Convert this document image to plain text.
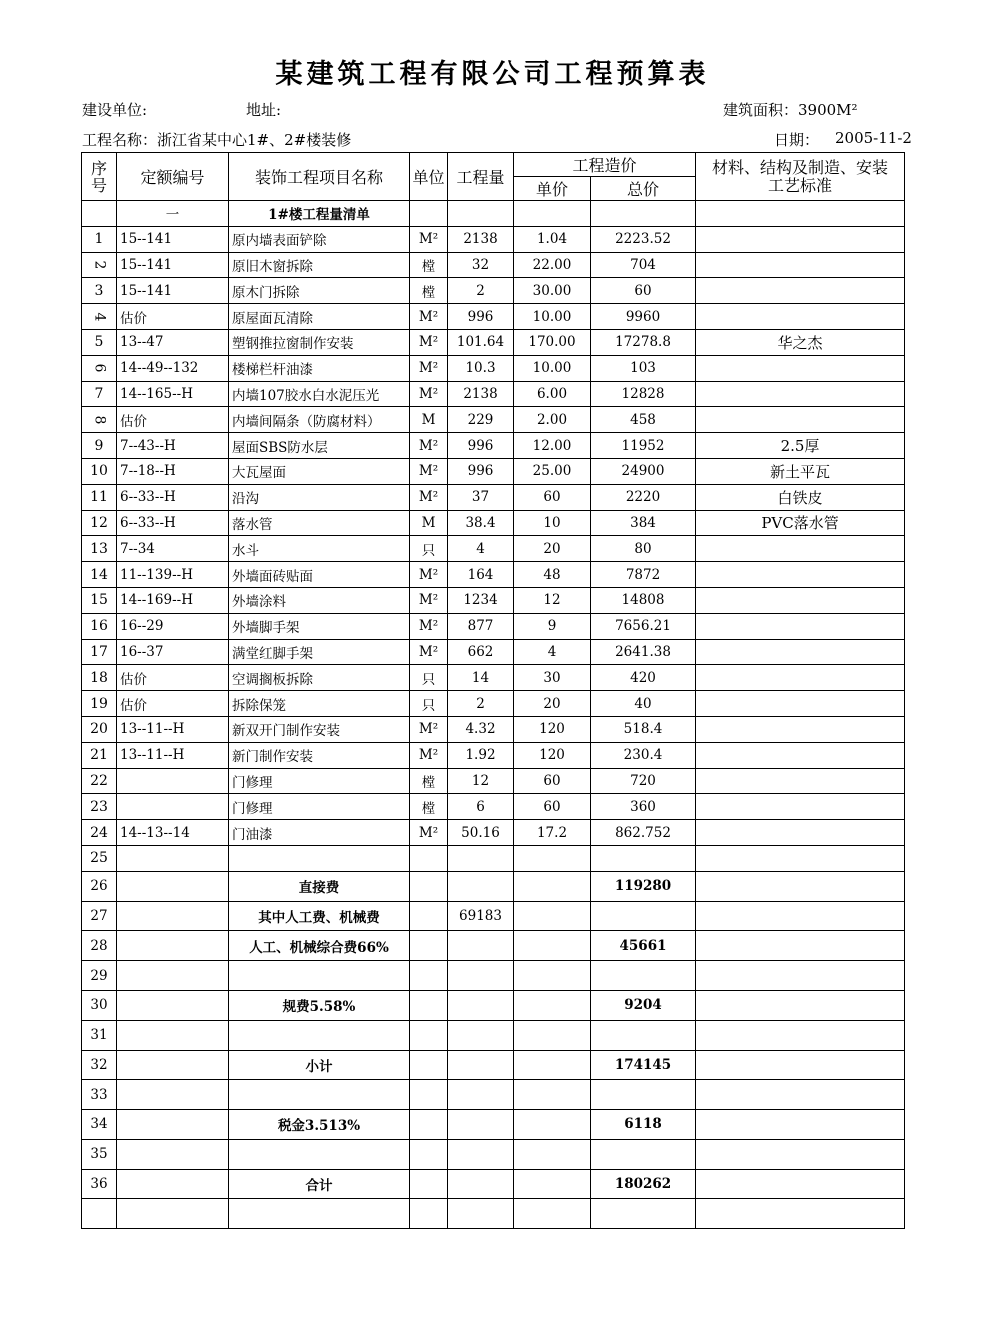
某建筑工程有限公司工程预算表
建设单位:	地址:	建筑面积：3900M²
工程名称：浙江省某中心1#、2#楼装修	日期： 2005-11-2
序号	定额编号	装饰工程项目名称	单位	工程量	工程造价		材料、结构及制造、安装
工艺标准

					单价	总价	
	一	1#楼工程量清单					
1	15--141	原内墙表面铲除	M²	2138	1.04	2223.52	
2	15--141	原旧木窗拆除	樘	32	22.00	704	
3	15--141	原木门拆除	樘	2	30.00	60	
4	估价	原屋面瓦清除	M²	996	10.00	9960	
5	13--47	塑钢推拉窗制作安装	M²	101.64	170.00	17278.8	华之杰
6	14--49--132	楼梯栏杆油漆	M²	10.3	10.00	103	
7	14--165--H	内墙107胶水白水泥压光	M²	2138	6.00	12828	
8	估价	内墙间隔条（防腐材料）	M	229	2.00	458	
9	7--43--H	屋面SBS防水层	M²	996	12.00	11952	2.5厚
10	7--18--H	大瓦屋面	M²	996	25.00	24900	新土平瓦
11	6--33--H	沿沟	M²	37	60	2220	白铁皮
12	6--33--H	落水管	M	38.4	10	384	PVC落水管
13	7--34	水斗	只	4	20	80	
14	11--139--H	外墙面砖贴面	M²	164	48	7872	
15	14--169--H	外墙涂料	M²	1234	12	14808	
16	16--29	外墙脚手架	M²	877	9	7656.21	
17	16--37	满堂红脚手架	M²	662	4	2641.38	
18	估价	空调搁板拆除	只	14	30	420	
19	估价	拆除保笼	只	2	20	40	
20	13--11--H	新双开门制作安装	M²	4.32	120	518.4	
21	13--11--H	新门制作安装	M²	1.92	120	230.4	
22		门修理	樘	12	60	720	
23		门修理	樘	6	60	360	
24	14--13--14	门油漆	M²	50.16	17.2	862.752	
25							
26		直接费				119280	
27		其中人工费、机械费		69183			
28		人工、机械综合费66%				45661	
29							
30		规费5.58%				9204	
31							
32		小计				174145	
33							
34		税金3.513%				6118	
35							
36		合计				180262	
